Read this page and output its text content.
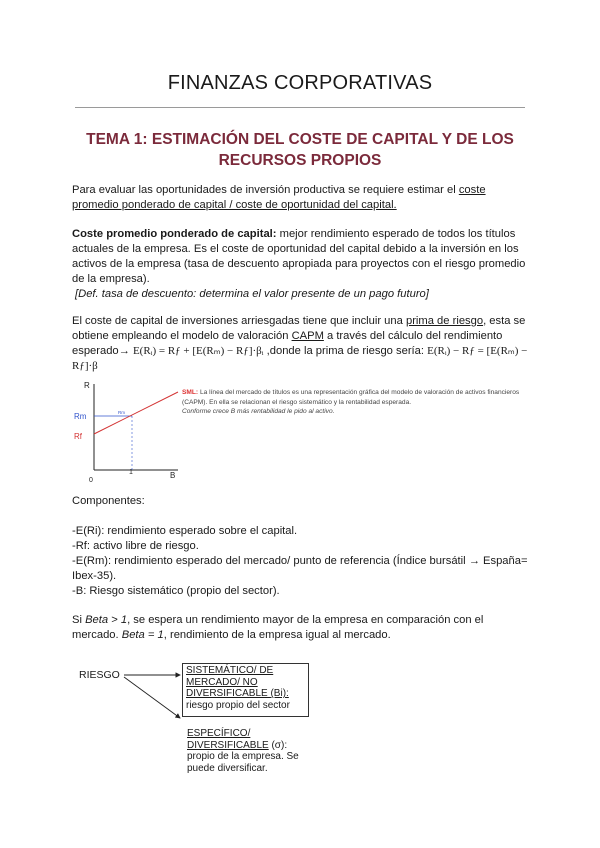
FINANZAS CORPORATIVAS
TEMA 1: ESTIMACIÓN DEL COSTE DE CAPITAL Y DE LOS RECURSOS PROPIOS
Para evaluar las oportunidades de inversión productiva se requiere estimar el coste promedio ponderado de capital / coste de oportunidad del capital.
Coste promedio ponderado de capital: mejor rendimiento esperado de todos los títulos actuales de la empresa. Es el coste de oportunidad del capital debido a la inversión en los activos de la empresa (tasa de descuento apropiada para proyectos con el riesgo promedio de la empresa).
[Def. tasa de descuento: determina el valor presente de un pago futuro]
El coste de capital de inversiones arriesgadas tiene que incluir una prima de riesgo, esta se obtiene empleando el modelo de valoración CAPM a través del cálculo del rendimiento esperado→ E(Rᵢ) = Rƒ + [E(Rₘ) − Rƒ]·βᵢ ,donde la prima de riesgo sería: E(Rᵢ) − Rƒ = [E(Rₘ) − Rƒ]·β
R
B
0
1
Rm
Rf
Rm
SML: La línea del mercado de títulos es una representación gráfica del modelo de valoración de activos financieros (CAPM). En ella se relacionan el riesgo sistemático y la rentabilidad esperada.
Conforme crece B más rentabilidad le pido al activo.
Componentes:
-E(Ri): rendimiento esperado sobre el capital.
-Rf: activo libre de riesgo.
-E(Rm): rendimiento esperado del mercado/ punto de referencia (Índice bursátil → España= Ibex-35).
-B: Riesgo sistemático (propio del sector).
Si Beta > 1, se espera un rendimiento mayor de la empresa en comparación con el mercado. Beta = 1, rendimiento de la empresa igual al mercado.
RIESGO	SISTEMÁTICO/ DE MERCADO/ NO DIVERSIFICABLE (Bi):
riesgo propio del sector
ESPECÍFICO/ DIVERSIFICABLE (σ):
propio de la empresa. Se puede diversificar.
